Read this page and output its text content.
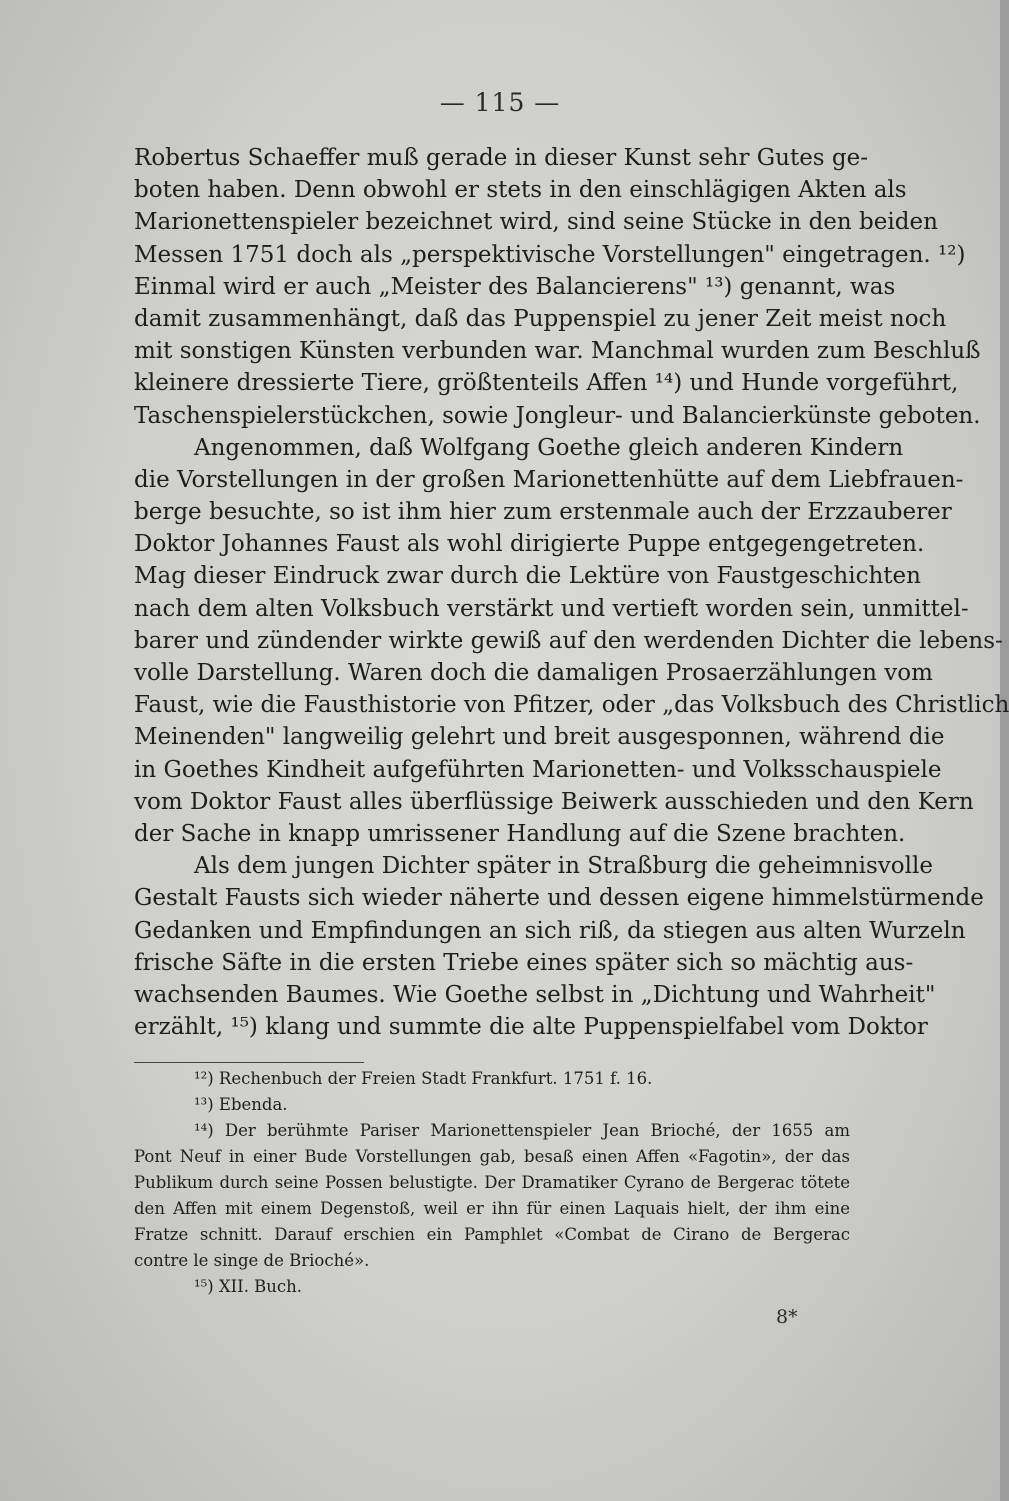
— 115 —
Robertus Schaeffer muß gerade in dieser Kunst sehr Gutes ge-
boten haben. Denn obwohl er stets in den einschlägigen Akten als
Marionettenspieler bezeichnet wird, sind seine Stücke in den beiden
Messen 1751 doch als „perspektivische Vorstellungen" eingetragen. ¹²)
Einmal wird er auch „Meister des Balancierens" ¹³) genannt, was
damit zusammenhängt, daß das Puppenspiel zu jener Zeit meist noch
mit sonstigen Künsten verbunden war. Manchmal wurden zum Beschluß
kleinere dressierte Tiere, größtenteils Affen ¹⁴) und Hunde vorgeführt,
Taschenspielerstückchen, sowie Jongleur- und Balancierkünste geboten.
Angenommen, daß Wolfgang Goethe gleich anderen Kindern
die Vorstellungen in der großen Marionettenhütte auf dem Liebfrauen-
berge besuchte, so ist ihm hier zum erstenmale auch der Erzzauberer
Doktor Johannes Faust als wohl dirigierte Puppe entgegengetreten.
Mag dieser Eindruck zwar durch die Lektüre von Faustgeschichten
nach dem alten Volksbuch verstärkt und vertieft worden sein, unmittel-
barer und zündender wirkte gewiß auf den werdenden Dichter die lebens-
volle Darstellung. Waren doch die damaligen Prosaerzählungen vom
Faust, wie die Fausthistorie von Pfitzer, oder „das Volksbuch des Christlich
Meinenden" langweilig gelehrt und breit ausgesponnen, während die
in Goethes Kindheit aufgeführten Marionetten- und Volksschauspiele
vom Doktor Faust alles überflüssige Beiwerk ausschieden und den Kern
der Sache in knapp umrissener Handlung auf die Szene brachten.
Als dem jungen Dichter später in Straßburg die geheimnisvolle
Gestalt Fausts sich wieder näherte und dessen eigene himmelstürmende
Gedanken und Empfindungen an sich riß, da stiegen aus alten Wurzeln
frische Säfte in die ersten Triebe eines später sich so mächtig aus-
wachsenden Baumes. Wie Goethe selbst in „Dichtung und Wahrheit"
erzählt, ¹⁵) klang und summte die alte Puppenspielfabel vom Doktor
¹²) Rechenbuch der Freien Stadt Frankfurt. 1751 f. 16.
¹³) Ebenda.
¹⁴) Der berühmte Pariser Marionettenspieler Jean Brioché, der 1655 am
Pont Neuf in einer Bude Vorstellungen gab, besaß einen Affen «Fagotin», der das
Publikum durch seine Possen belustigte. Der Dramatiker Cyrano de Bergerac tötete
den Affen mit einem Degenstoß, weil er ihn für einen Laquais hielt, der ihm eine
Fratze schnitt. Darauf erschien ein Pamphlet «Combat de Cirano de Bergerac
contre le singe de Brioché».
¹⁵) XII. Buch.
8*
